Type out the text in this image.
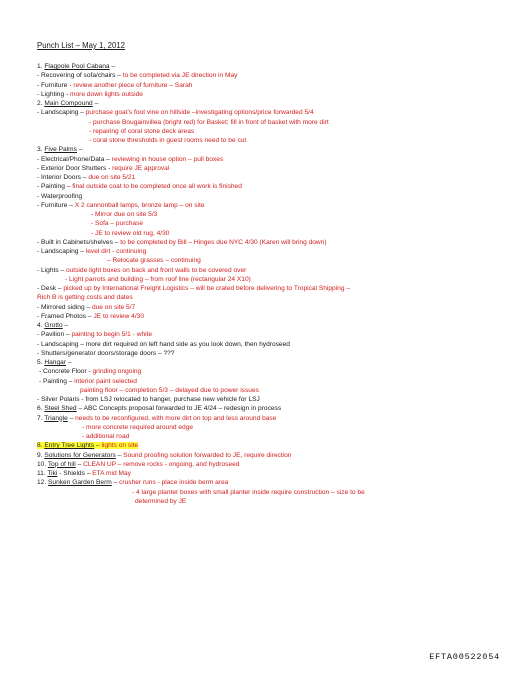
Punch List – May 1, 2012
1. Flagpole Pool Cabana –
- Recovering of sofa/chairs – to be completed via JE direction in May
- Furniture - review another piece of furniture – Sarah
- Lighting - more down lights outside
2. Main Compound –
- Landscaping – purchase goat’s foot vine on hillside –investigating options/price forwarded 5/4
- purchase Bougainvillea (bright red) for Basket; fill in front of basket with more dirt
- repairing of coral stone deck areas
- coral stone thresholds in guest rooms need to be cut
3. Five Palms –
- Electrical/Phone/Data – reviewing in house option – pull boxes
- Exterior Door Shutters - require JE approval
- Interior Doors – due on site 5/21
- Painting – final outside coat to be completed once all work is finished
- Waterproofing
- Furniture – X 2 cannonball lamps, bronze lamp – on site
- Mirror due on site 5/3
- Sofa – purchase
- JE to review old rug, 4/30
- Built in Cabinets/shelves – to be completed by Bill – Hinges due NYC 4/30 (Karen will bring down)
- Landscaping – level dirt - continuing
– Relocate grasses – continuing
- Lights – outside light boxes on back and front walls to be covered over
- Light parrots and building – from roof line (rectangular 24 X10)
- Desk – picked up by International Freight Logistics – will be crated before delivering to Tropical Shipping –
Rich B is getting costs and dates
- Mirrored siding – due on site 5/7
- Framed Photos – JE to review 4/30
4. Grotto –
- Pavilion – painting to begin 5/1 - white
- Landscaping – more dirt required on left hand side as you look down, then hydroseed
- Shutters/generator doors/storage doors – ???
5. Hangar –
- Concrete Floor - grinding ongoing
- Painting – interior paint selected
painting floor – completion 5/3 – delayed due to power issues
- Silver Polaris - from LSJ relocated to hanger, purchase new vehicle for LSJ
6. Steel Shed – ABC Concepts proposal forwarded to JE 4/24 – redesign in process
7. Triangle – needs to be reconfigured, with more dirt on top and less around base
- more concrete required around edge
- additional road
8. Entry Tree Lights – lights on site
9. Solutions for Generators – Sound proofing solution forwarded to JE, require direction
10. Top of hill – CLEAN UP – remove rocks - ongoing, and hydroseed
11. Tiki - Shields – ETA mid May
12. Sunken Garden Berm – crusher runs - place inside berm area
- 4 large planter boxes with small planter inside require construction – size to be
determined by JE
EFTA00522054
